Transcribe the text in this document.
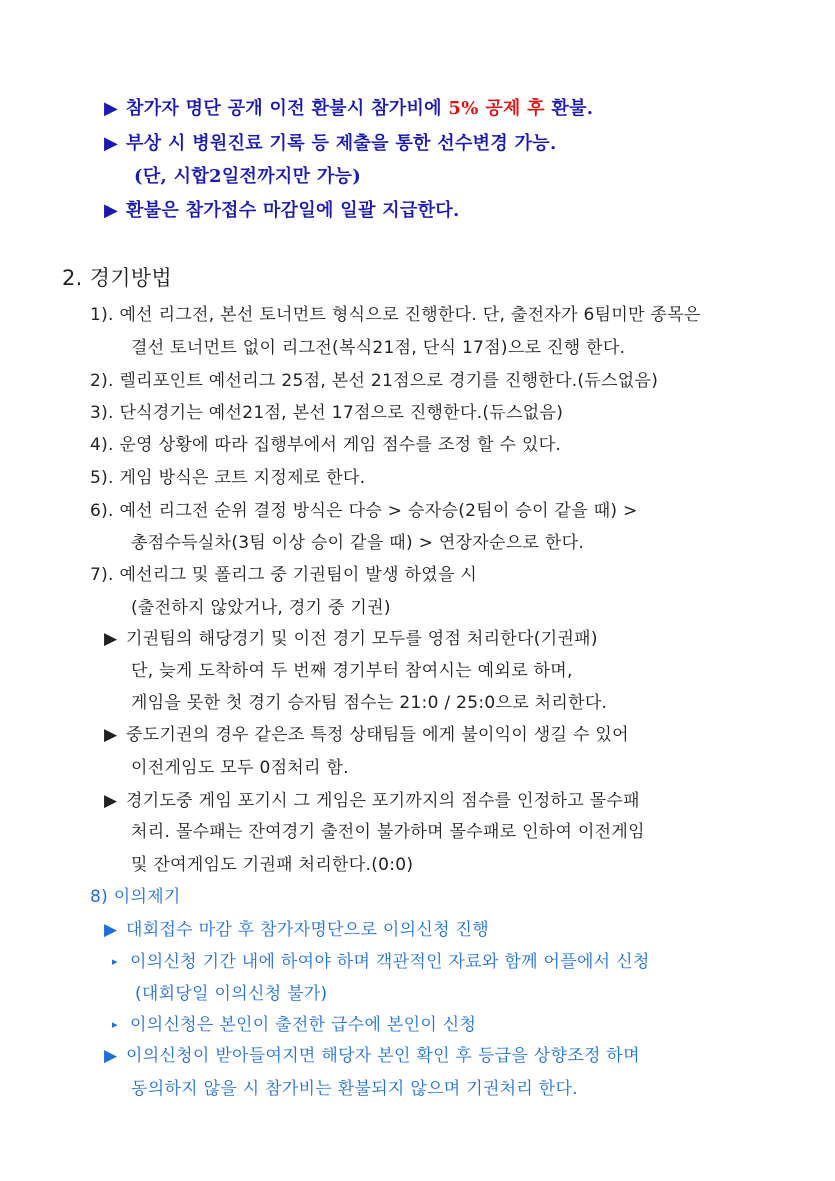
▶ 참가자 명단 공개 이전 환불시 참가비에 5% 공제 후 환불.
▶ 부상 시 병원진료 기록 등 제출을 통한 선수변경 가능.
(단, 시합2일전까지만 가능)
▶ 환불은 참가접수 마감일에 일괄 지급한다.
2. 경기방법
1). 예선 리그전, 본선 토너먼트 형식으로 진행한다. 단, 출전자가 6팀미만 종목은
결선 토너먼트 없이 리그전(복식21점, 단식 17점)으로 진행 한다.
2). 렐리포인트 예선리그 25점, 본선 21점으로 경기를 진행한다.(듀스없음)
3). 단식경기는 예선21점, 본선 17점으로 진행한다.(듀스없음)
4). 운영 상황에 따라 집행부에서 게임 점수를 조정 할 수 있다.
5). 게임 방식은 코트 지정제로 한다.
6). 예선 리그전 순위 결정 방식은 다승 > 승자승(2팀이 승이 같을 때) >
총점수득실차(3팀 이상 승이 같을 때) > 연장자순으로 한다.
7). 예선리그 및 폴리그 중 기권팀이 발생 하였을 시
(출전하지 않았거나, 경기 중 기권)
▶ 기권팀의 해당경기 및 이전 경기 모두를 영점 처리한다(기권패)
단, 늦게 도착하여 두 번째 경기부터 참여시는 예외로 하며,
게임을 못한 첫 경기 승자팀 점수는 21:0 / 25:0으로 처리한다.
▶ 중도기권의 경우 같은조 특정 상태팀들 에게 불이익이 생길 수 있어
이전게임도 모두 0점처리 함.
▶ 경기도중 게임 포기시 그 게임은 포기까지의 점수를 인정하고 몰수패
처리. 몰수패는 잔여경기 출전이 불가하며 몰수패로 인하여 이전게임
및 잔여게임도 기권패 처리한다.(0:0)
8) 이의제기
▶ 대회접수 마감 후 참가자명단으로 이의신청 진행
▸ 이의신청 기간 내에 하여야 하며 객관적인 자료와 함께 어플에서 신청
(대회당일 이의신청 불가)
▸ 이의신청은 본인이 출전한 급수에 본인이 신청
▶ 이의신청이 받아들여지면 해당자 본인 확인 후 등급을 상향조정 하며
동의하지 않을 시 참가비는 환불되지 않으며 기권처리 한다.
